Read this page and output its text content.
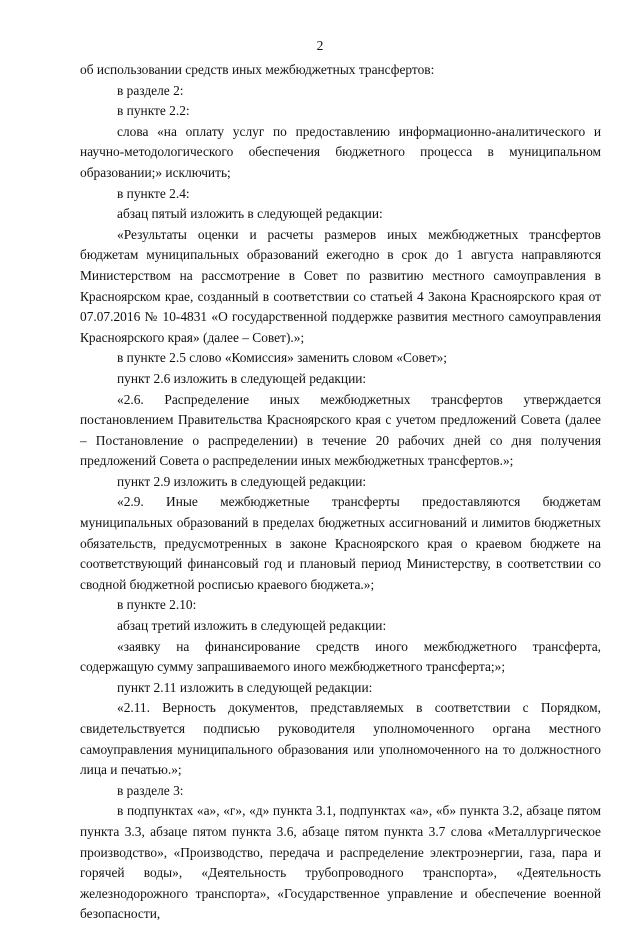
2

об использовании средств иных межбюджетных трансфертов:

в разделе 2:

в пункте 2.2:

слова «на оплату услуг по предоставлению информационно-аналитического и научно-методологического обеспечения бюджетного процесса в муниципальном образовании;» исключить;

в пункте 2.4:

абзац пятый изложить в следующей редакции:

«Результаты оценки и расчеты размеров иных межбюджетных трансфертов бюджетам муниципальных образований ежегодно в срок до 1 августа направляются Министерством на рассмотрение в Совет по развитию местного самоуправления в Красноярском крае, созданный в соответствии со статьей 4 Закона Красноярского края от 07.07.2016 № 10-4831 «О государственной поддержке развития местного самоуправления Красноярского края» (далее – Совет).»;

в пункте 2.5 слово «Комиссия» заменить словом «Совет»;

пункт 2.6 изложить в следующей редакции:

«2.6. Распределение иных межбюджетных трансфертов утверждается постановлением Правительства Красноярского края с учетом предложений Совета (далее – Постановление о распределении) в течение 20 рабочих дней со дня получения предложений Совета о распределении иных межбюджетных трансфертов.»;

пункт 2.9 изложить в следующей редакции:

«2.9. Иные межбюджетные трансферты предоставляются бюджетам муниципальных образований в пределах бюджетных ассигнований и лимитов бюджетных обязательств, предусмотренных в законе Красноярского края о краевом бюджете на соответствующий финансовый год и плановый период Министерству, в соответствии со сводной бюджетной росписью краевого бюджета.»;

в пункте 2.10:

абзац третий изложить в следующей редакции:

«заявку на финансирование средств иного межбюджетного трансферта, содержащую сумму запрашиваемого иного межбюджетного трансферта;»;

пункт 2.11 изложить в следующей редакции:

«2.11. Верность документов, представляемых в соответствии с Порядком, свидетельствуется подписью руководителя уполномоченного органа местного самоуправления муниципального образования или уполномоченного на то должностного лица и печатью.»;

в разделе 3:

в подпунктах «а», «г», «д» пункта 3.1, подпунктах «а», «б» пункта 3.2, абзаце пятом пункта 3.3, абзаце пятом пункта 3.6, абзаце пятом пункта 3.7 слова «Металлургическое производство», «Производство, передача и распределение электроэнергии, газа, пара и горячей воды», «Деятельность трубопроводного транспорта», «Деятельность железнодорожного транспорта», «Государственное управление и обеспечение военной безопасности,
